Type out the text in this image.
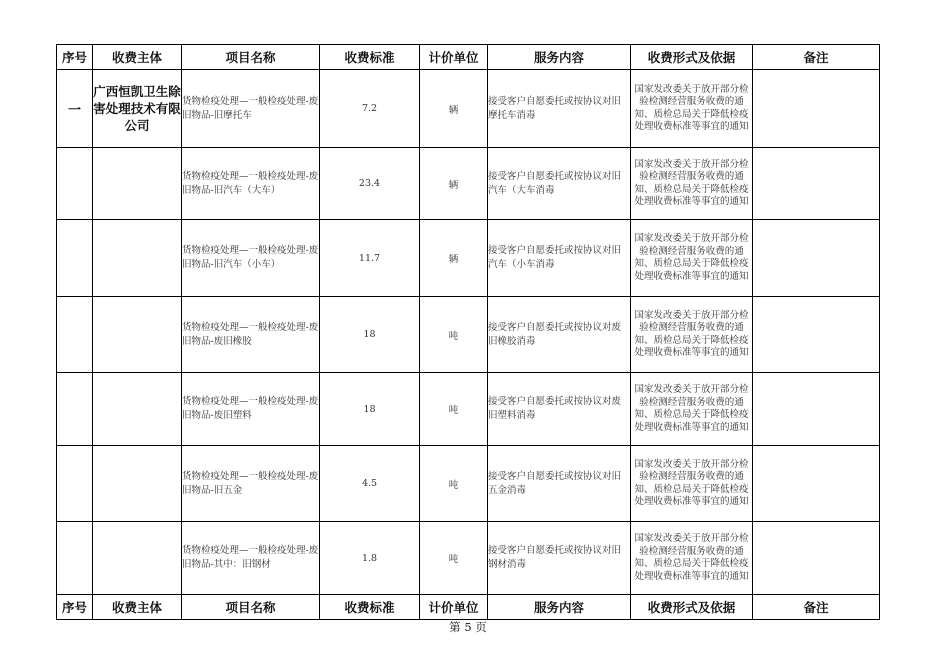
序号	收费主体	项目名称	收费标准	计价单位	服务内容	收费形式及依据	备注
一	广西恒凯卫生除害处理技术有限公司	货物检疫处理—一般检疫处理-废旧物品-旧摩托车	7.2	辆	接受客户自愿委托或按协议对旧摩托车消毒	国家发改委关于放开部分检验检测经营服务收费的通知、质检总局关于降低检疫处理收费标准等事宜的通知	
		货物检疫处理—一般检疫处理-废旧物品-旧汽车（大车）	23.4	辆	接受客户自愿委托或按协议对旧汽车（大车消毒	国家发改委关于放开部分检验检测经营服务收费的通知、质检总局关于降低检疫处理收费标准等事宜的通知	
		货物检疫处理—一般检疫处理-废旧物品-旧汽车（小车）	11.7	辆	接受客户自愿委托或按协议对旧汽车（小车消毒	国家发改委关于放开部分检验检测经营服务收费的通知、质检总局关于降低检疫处理收费标准等事宜的通知	
		货物检疫处理—一般检疫处理-废旧物品-废旧橡胶	18	吨	接受客户自愿委托或按协议对废旧橡胶消毒	国家发改委关于放开部分检验检测经营服务收费的通知、质检总局关于降低检疫处理收费标准等事宜的通知	
		货物检疫处理—一般检疫处理-废旧物品-废旧塑料	18	吨	接受客户自愿委托或按协议对废旧塑料消毒	国家发改委关于放开部分检验检测经营服务收费的通知、质检总局关于降低检疫处理收费标准等事宜的通知	
		货物检疫处理—一般检疫处理-废旧物品-旧五金	4.5	吨	接受客户自愿委托或按协议对旧五金消毒	国家发改委关于放开部分检验检测经营服务收费的通知、质检总局关于降低检疫处理收费标准等事宜的通知	
		货物检疫处理—一般检疫处理-废旧物品-其中：旧钢材	1.8	吨	接受客户自愿委托或按协议对旧钢材消毒	国家发改委关于放开部分检验检测经营服务收费的通知、质检总局关于降低检疫处理收费标准等事宜的通知	
序号	收费主体	项目名称	收费标准	计价单位	服务内容	收费形式及依据	备注
第 5 页
